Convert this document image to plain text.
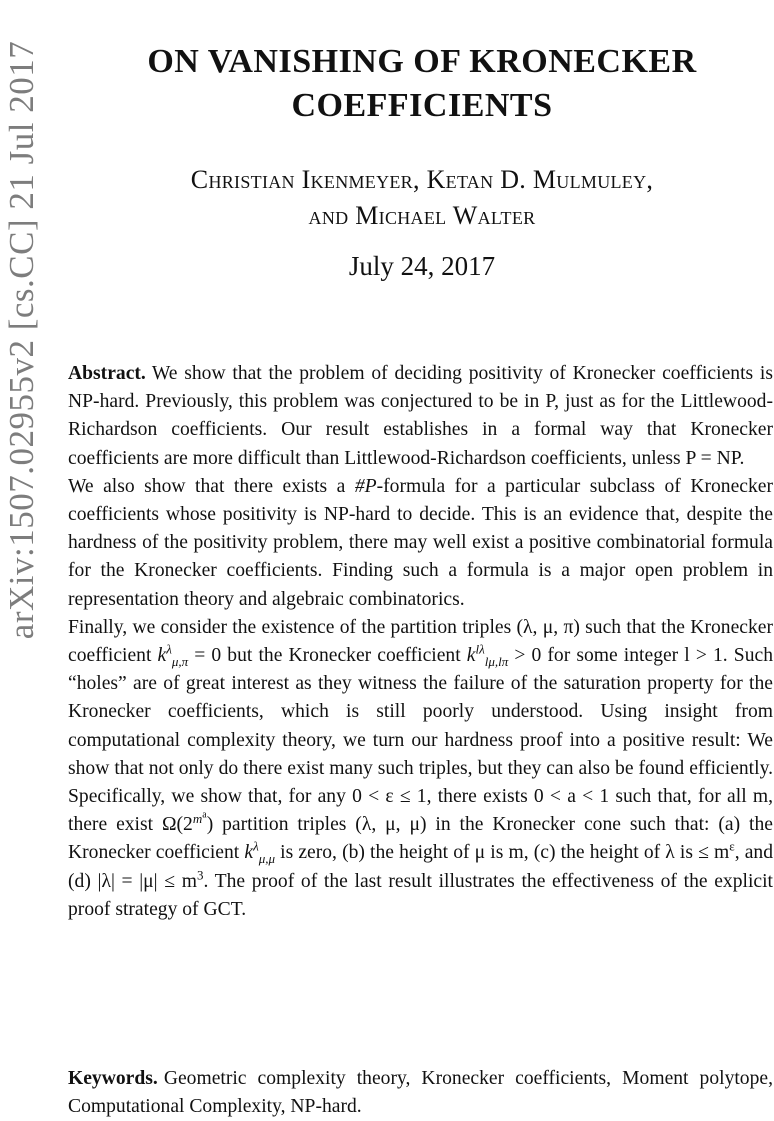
arXiv:1507.02955v2 [cs.CC] 21 Jul 2017	ON VANISHING OF KRONECKER
COEFFICIENTS
Christian Ikenmeyer, Ketan D. Mulmuley,
and Michael Walter
July 24, 2017

Abstract. We show that the problem of deciding positivity of Kronecker coefficients is NP-hard. Previously, this problem was conjectured to be in P, just as for the Littlewood-Richardson coefficients. Our result establishes in a formal way that Kronecker coefficients are more difficult than Littlewood-Richardson coefficients, unless P = NP.

We also show that there exists a #P-formula for a particular subclass of Kronecker coefficients whose positivity is NP-hard to decide. This is an evidence that, despite the hardness of the positivity problem, there may well exist a positive combinatorial formula for the Kronecker coefficients. Finding such a formula is a major open problem in representation theory and algebraic combinatorics.

Finally, we consider the existence of the partition triples (λ, μ, π) such that the Kronecker coefficient $k^\lambda_{\mu,\pi} = 0$ but the Kronecker coefficient $k^{l\lambda}_{l\mu,l\pi} > 0$ for some integer l > 1. Such “holes” are of great interest as they witness the failure of the saturation property for the Kronecker coefficients, which is still poorly understood. Using insight from computational complexity theory, we turn our hardness proof into a positive result: We show that not only do there exist many such triples, but they can also be found efficiently. Specifically, we show that, for any 0 < ε ≤ 1, there exists 0 < a < 1 such that, for all m, there exist $\Omega(2^{m^a})$ partition triples (λ, μ, μ) in the Kronecker cone such that: (a) the Kronecker coefficient $k^\lambda_{\mu,\mu}$ is zero, (b) the height of μ is m, (c) the height of λ is ≤ $m^\varepsilon$, and (d) $|\lambda| = |\mu| \le m^3$. The proof of the last result illustrates the effectiveness of the explicit proof strategy of GCT.

Keywords. Geometric complexity theory, Kronecker coefficients, Moment polytope, Computational Complexity, NP-hard.
